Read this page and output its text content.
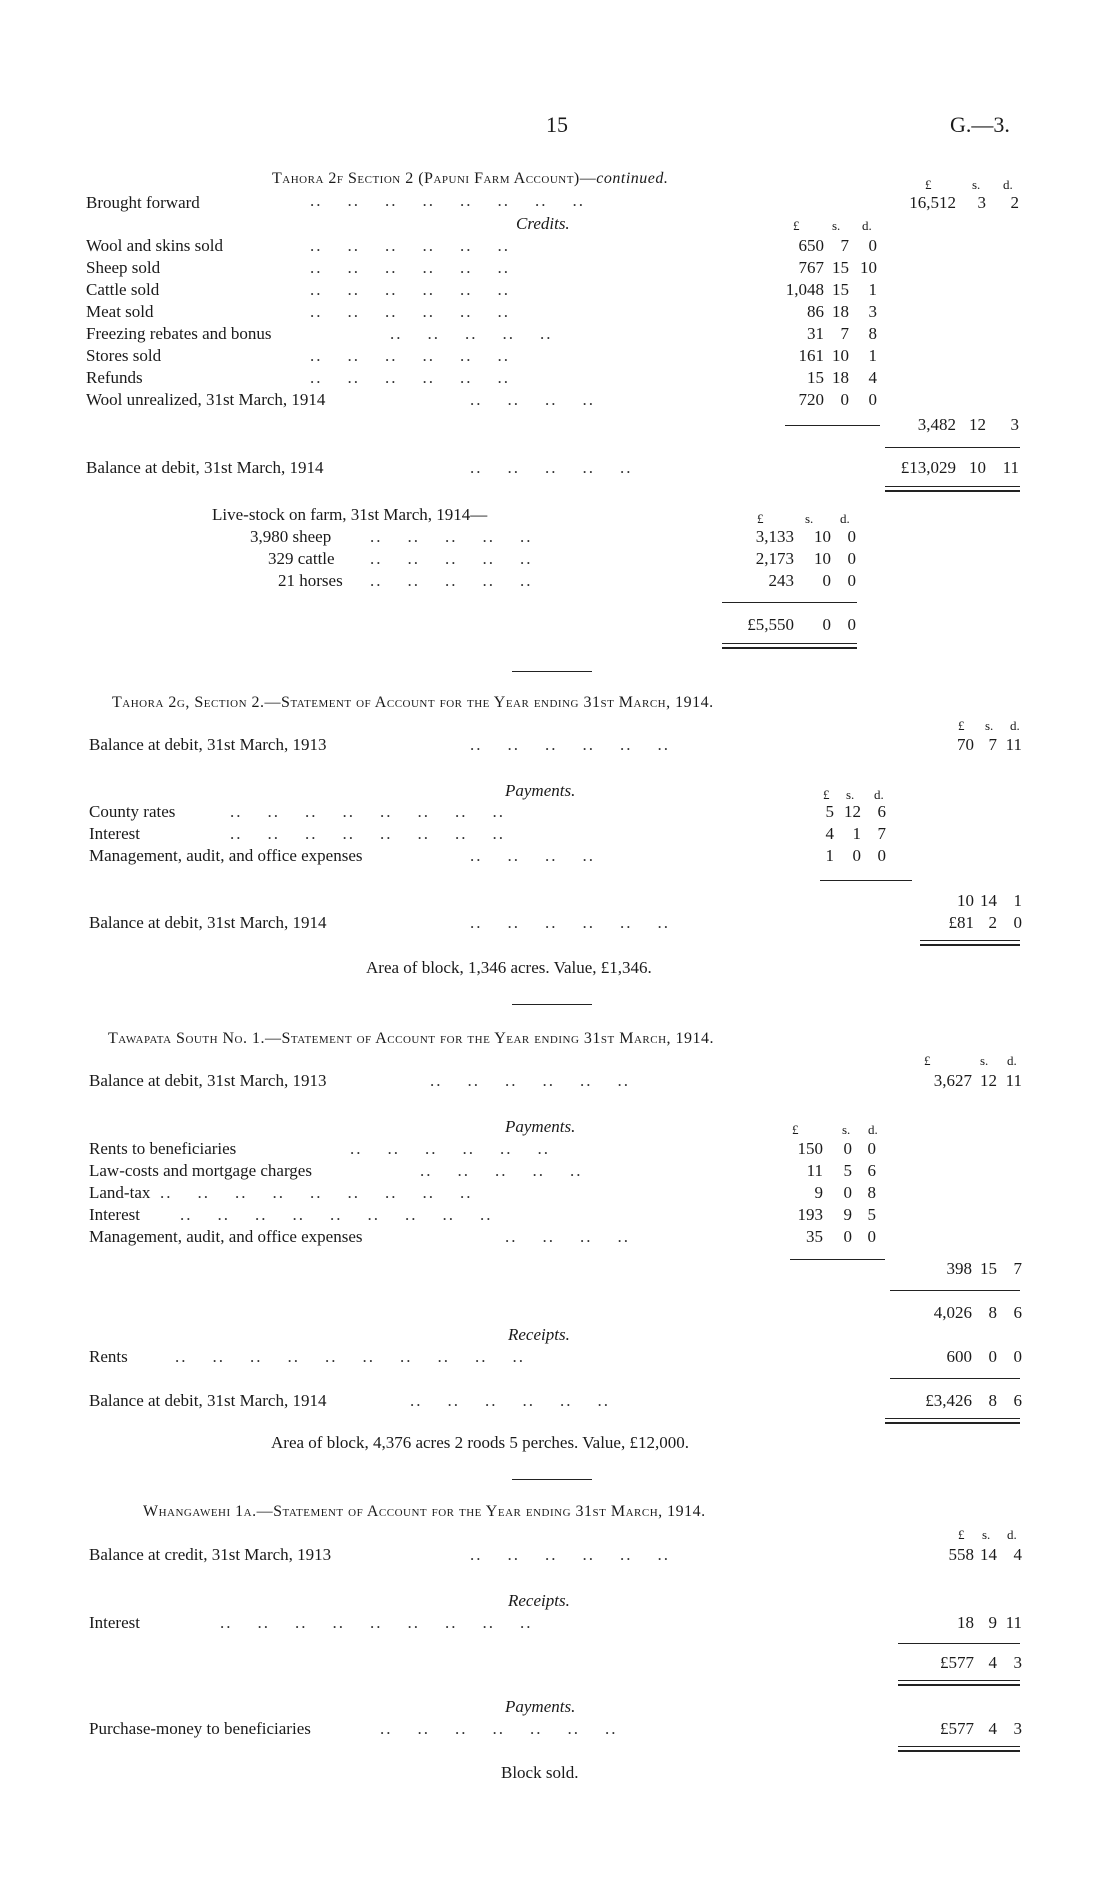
15	G.—3.
Tahora 2f Section 2 (Papuni Farm Account)—continued.	£	s. d.
Brought forward	..    ..    ..    ..    ..    ..    ..    ..	16,512 3 2
Credits.	£	s. d.
Wool and skins sold	..    ..    ..    ..    ..    ..	650 7 0
Sheep sold	..    ..    ..    ..    ..    ..	767 15 10
Cattle sold	..    ..    ..    ..    ..    ..	1,048 15 1
Meat sold	..    ..    ..    ..    ..    ..	86 18 3
Freezing rebates and bonus	..    ..    ..    ..    ..	31 7 8
Stores sold	..    ..    ..    ..    ..    ..	161 10 1
Refunds	..    ..    ..    ..    ..    ..	15 18 4
Wool unrealized, 31st March, 1914	..    ..    ..    ..	720 0 0
3,482 12 3
Balance at debit, 31st March, 1914	..    ..    ..    ..    ..	£13,029 10 11
Live-stock on farm, 31st March, 1914—	£	s. d.
3,980 sheep ..    ..    ..    ..    ..	3,133 10 0
329 cattle ..    ..    ..    ..    ..	2,173 10 0
21 horses ..    ..    ..    ..    ..	243 0 0
£5,550 0 0
Tahora 2g, Section 2.—Statement of Account for the Year ending 31st March, 1914.
£ s. d.
Balance at debit, 31st March, 1913	..    ..    ..    ..    ..    ..	70 7 11
Payments.	£ s. d.
County rates	..    ..    ..    ..    ..    ..    ..    ..	5 12 6
Interest	..    ..    ..    ..    ..    ..    ..    ..	4 1 7
Management, audit, and office expenses	..    ..    ..    ..	1 0 0
10 14 1
Balance at debit, 31st March, 1914	..    ..    ..    ..    ..    ..	£81 2 0
Area of block, 1,346 acres. Value, £1,346.
Tawapata South No. 1.—Statement of Account for the Year ending 31st March, 1914.
£	s. d.
Balance at debit, 31st March, 1913	..    ..    ..    ..    ..    ..	3,627 12 11
Payments.	£	s. d.
Rents to beneficiaries	..    ..    ..    ..    ..    ..	150 0 0
Law-costs and mortgage charges	..    ..    ..    ..    ..	11 5 6
Land-tax ..    ..    ..    ..    ..    ..    ..    ..    ..	9 0 8
Interest ..    ..    ..    ..    ..    ..    ..    ..    ..	193 9 5
Management, audit, and office expenses	..    ..    ..    ..	35 0 0
398 15 7
4,026 8 6
Receipts.
Rents	..    ..    ..    ..    ..    ..    ..    ..    ..    ..	600 0 0
Balance at debit, 31st March, 1914	..    ..    ..    ..    ..    ..	£3,426 8 6
Area of block, 4,376 acres 2 roods 5 perches. Value, £12,000.
Whangawehi 1a.—Statement of Account for the Year ending 31st March, 1914.
£ s. d.
Balance at credit, 31st March, 1913	..    ..    ..    ..    ..    ..	558 14 4
Receipts.
Interest	..    ..    ..    ..    ..    ..    ..    ..    ..	18 9 11
£577 4 3
Payments.
Purchase-money to beneficiaries	..    ..    ..    ..    ..    ..    ..	£577 4 3
Block sold.
